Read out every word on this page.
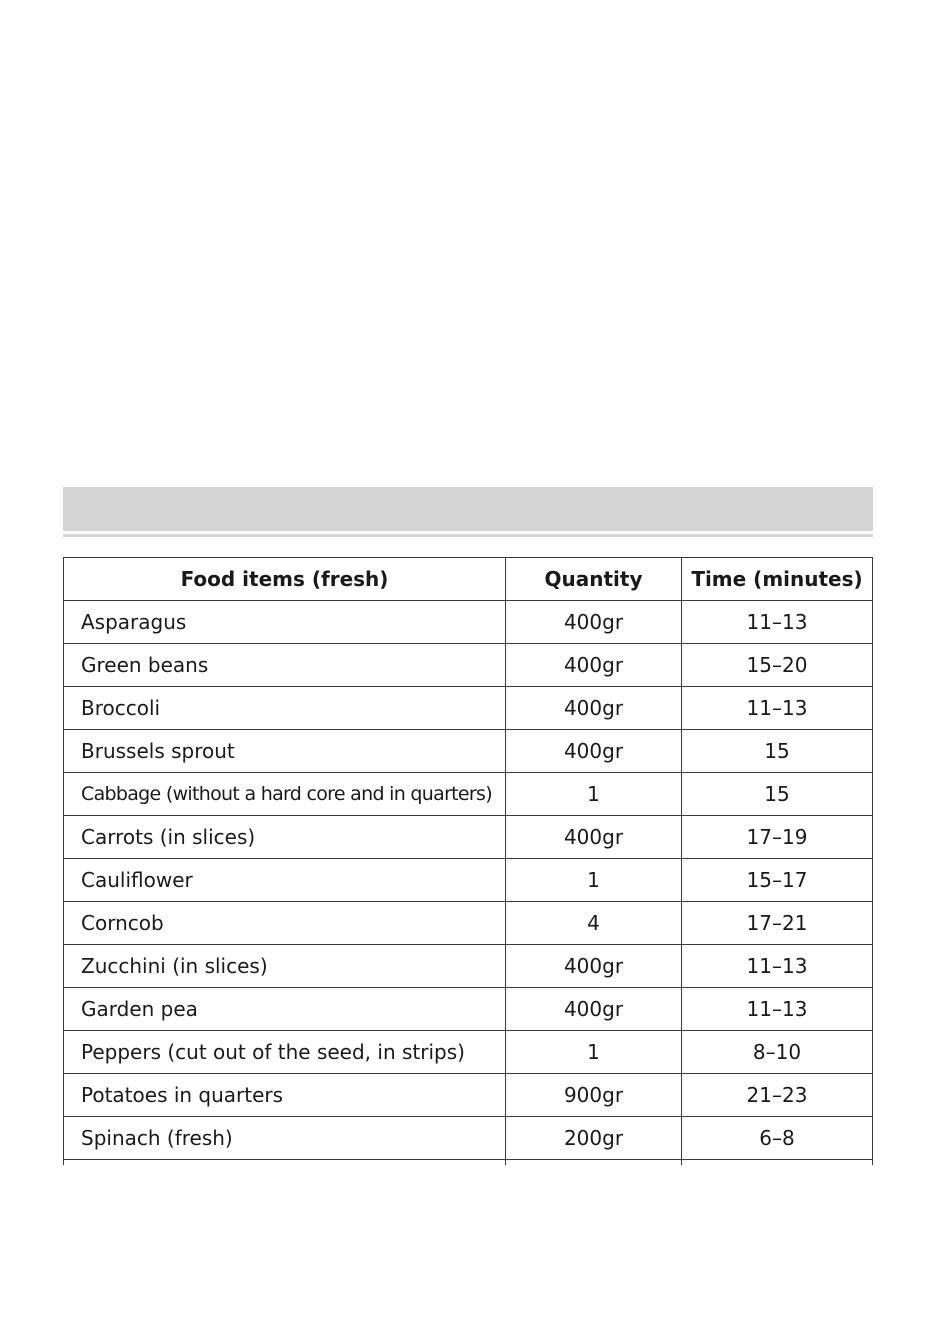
Food items (fresh)	Quantity	Time (minutes)
Asparagus	400gr	11–13
Green beans	400gr	15–20
Broccoli	400gr	11–13
Brussels sprout	400gr	15
Cabbage (without a hard core and in quarters)	1	15
Carrots (in slices)	400gr	17–19
Cauliflower	1	15–17
Corncob	4	17–21
Zucchini (in slices)	400gr	11–13
Garden pea	400gr	11–13
Peppers (cut out of the seed, in strips)	1	8–10
Potatoes in quarters	900gr	21–23
Spinach (fresh)	200gr	6–8
